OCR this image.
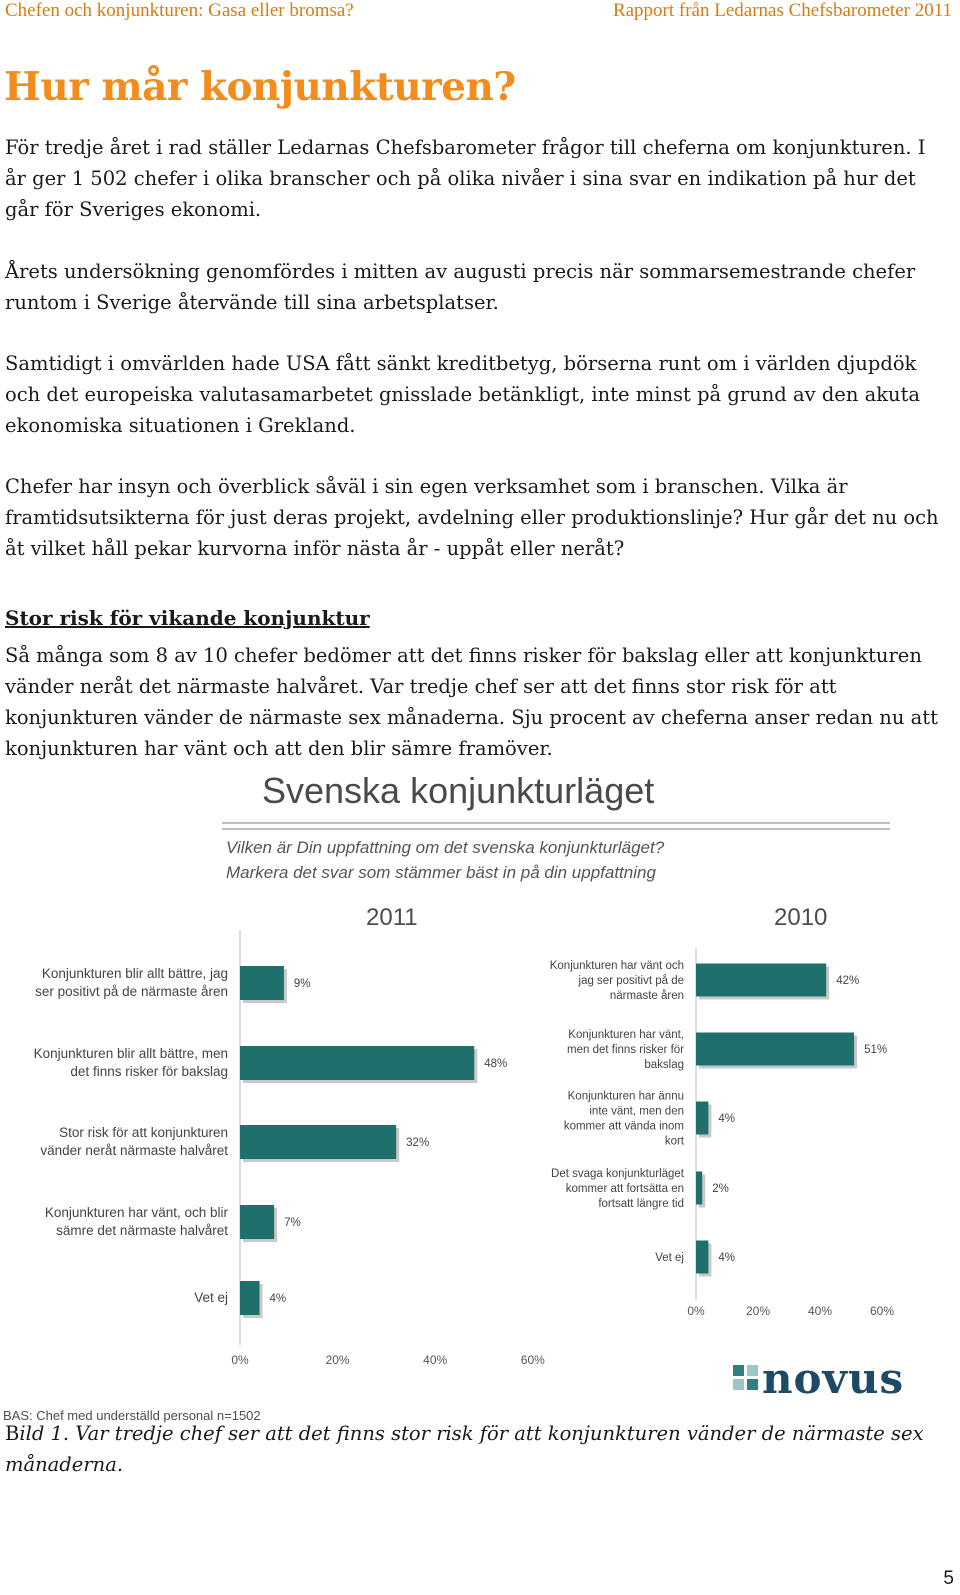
Chefen och konjunkturen: Gasa eller bromsa?	Rapport från Ledarnas Chefsbarometer 2011
Hur mår konjunkturen?

För tredje året i rad ställer Ledarnas Chefsbarometer frågor till cheferna om konjunkturen. I år ger 1 502 chefer i olika branscher och på olika nivåer i sina svar en indikation på hur det går för Sveriges ekonomi.

Årets undersökning genomfördes i mitten av augusti precis när sommarsemestrande chefer runtom i Sverige återvände till sina arbetsplatser.

Samtidigt i omvärlden hade USA fått sänkt kreditbetyg, börserna runt om i världen djupdök och det europeiska valutasamarbetet gnisslade betänkligt, inte minst på grund av den akuta ekonomiska situationen i Grekland.

Chefer har insyn och överblick såväl i sin egen verksamhet som i branschen. Vilka är framtidsutsikterna för just deras projekt, avdelning eller produktionslinje? Hur går det nu och åt vilket håll pekar kurvorna inför nästa år - uppåt eller neråt?

Stor risk för vikande konjunktur

Så många som 8 av 10 chefer bedömer att det finns risker för bakslag eller att konjunkturen vänder neråt det närmaste halvåret. Var tredje chef ser att det finns stor risk för att konjunkturen vänder de närmaste sex månaderna. Sju procent av cheferna anser redan nu att konjunkturen har vänt och att den blir sämre framöver.

Svenska konjunkturläget
Vilken är Din uppfattning om det svenska konjunkturläget?
Markera det svar som stämmer bäst in på din uppfattning
2011	2010
0%	20%	40%	60%
9%
Konjunkturen blir allt bättre, jag
ser positivt på de närmaste åren
48%
Konjunkturen blir allt bättre, men
det finns risker för bakslag
32%
Stor risk för att konjunkturen
vänder neråt närmaste halvåret
7%
Konjunkturen har vänt, och blir
sämre det närmaste halvåret
4%
Vet ej
0%	20%	40%	60%
42%
Konjunkturen har vänt och
jag ser positivt på de
närmaste åren
51%
Konjunkturen har vänt,
men det finns risker för
bakslag
4%
Konjunkturen har ännu
inte vänt, men den
kommer att vända inom
kort
2%
Det svaga konjunkturläget
kommer att fortsätta en
fortsatt längre tid
4%
Vet ej
novus
BAS: Chef med underställd personal n=1502

Bild 1. Var tredje chef ser att det finns stor risk för att konjunkturen vänder de närmaste sex månaderna.

5
